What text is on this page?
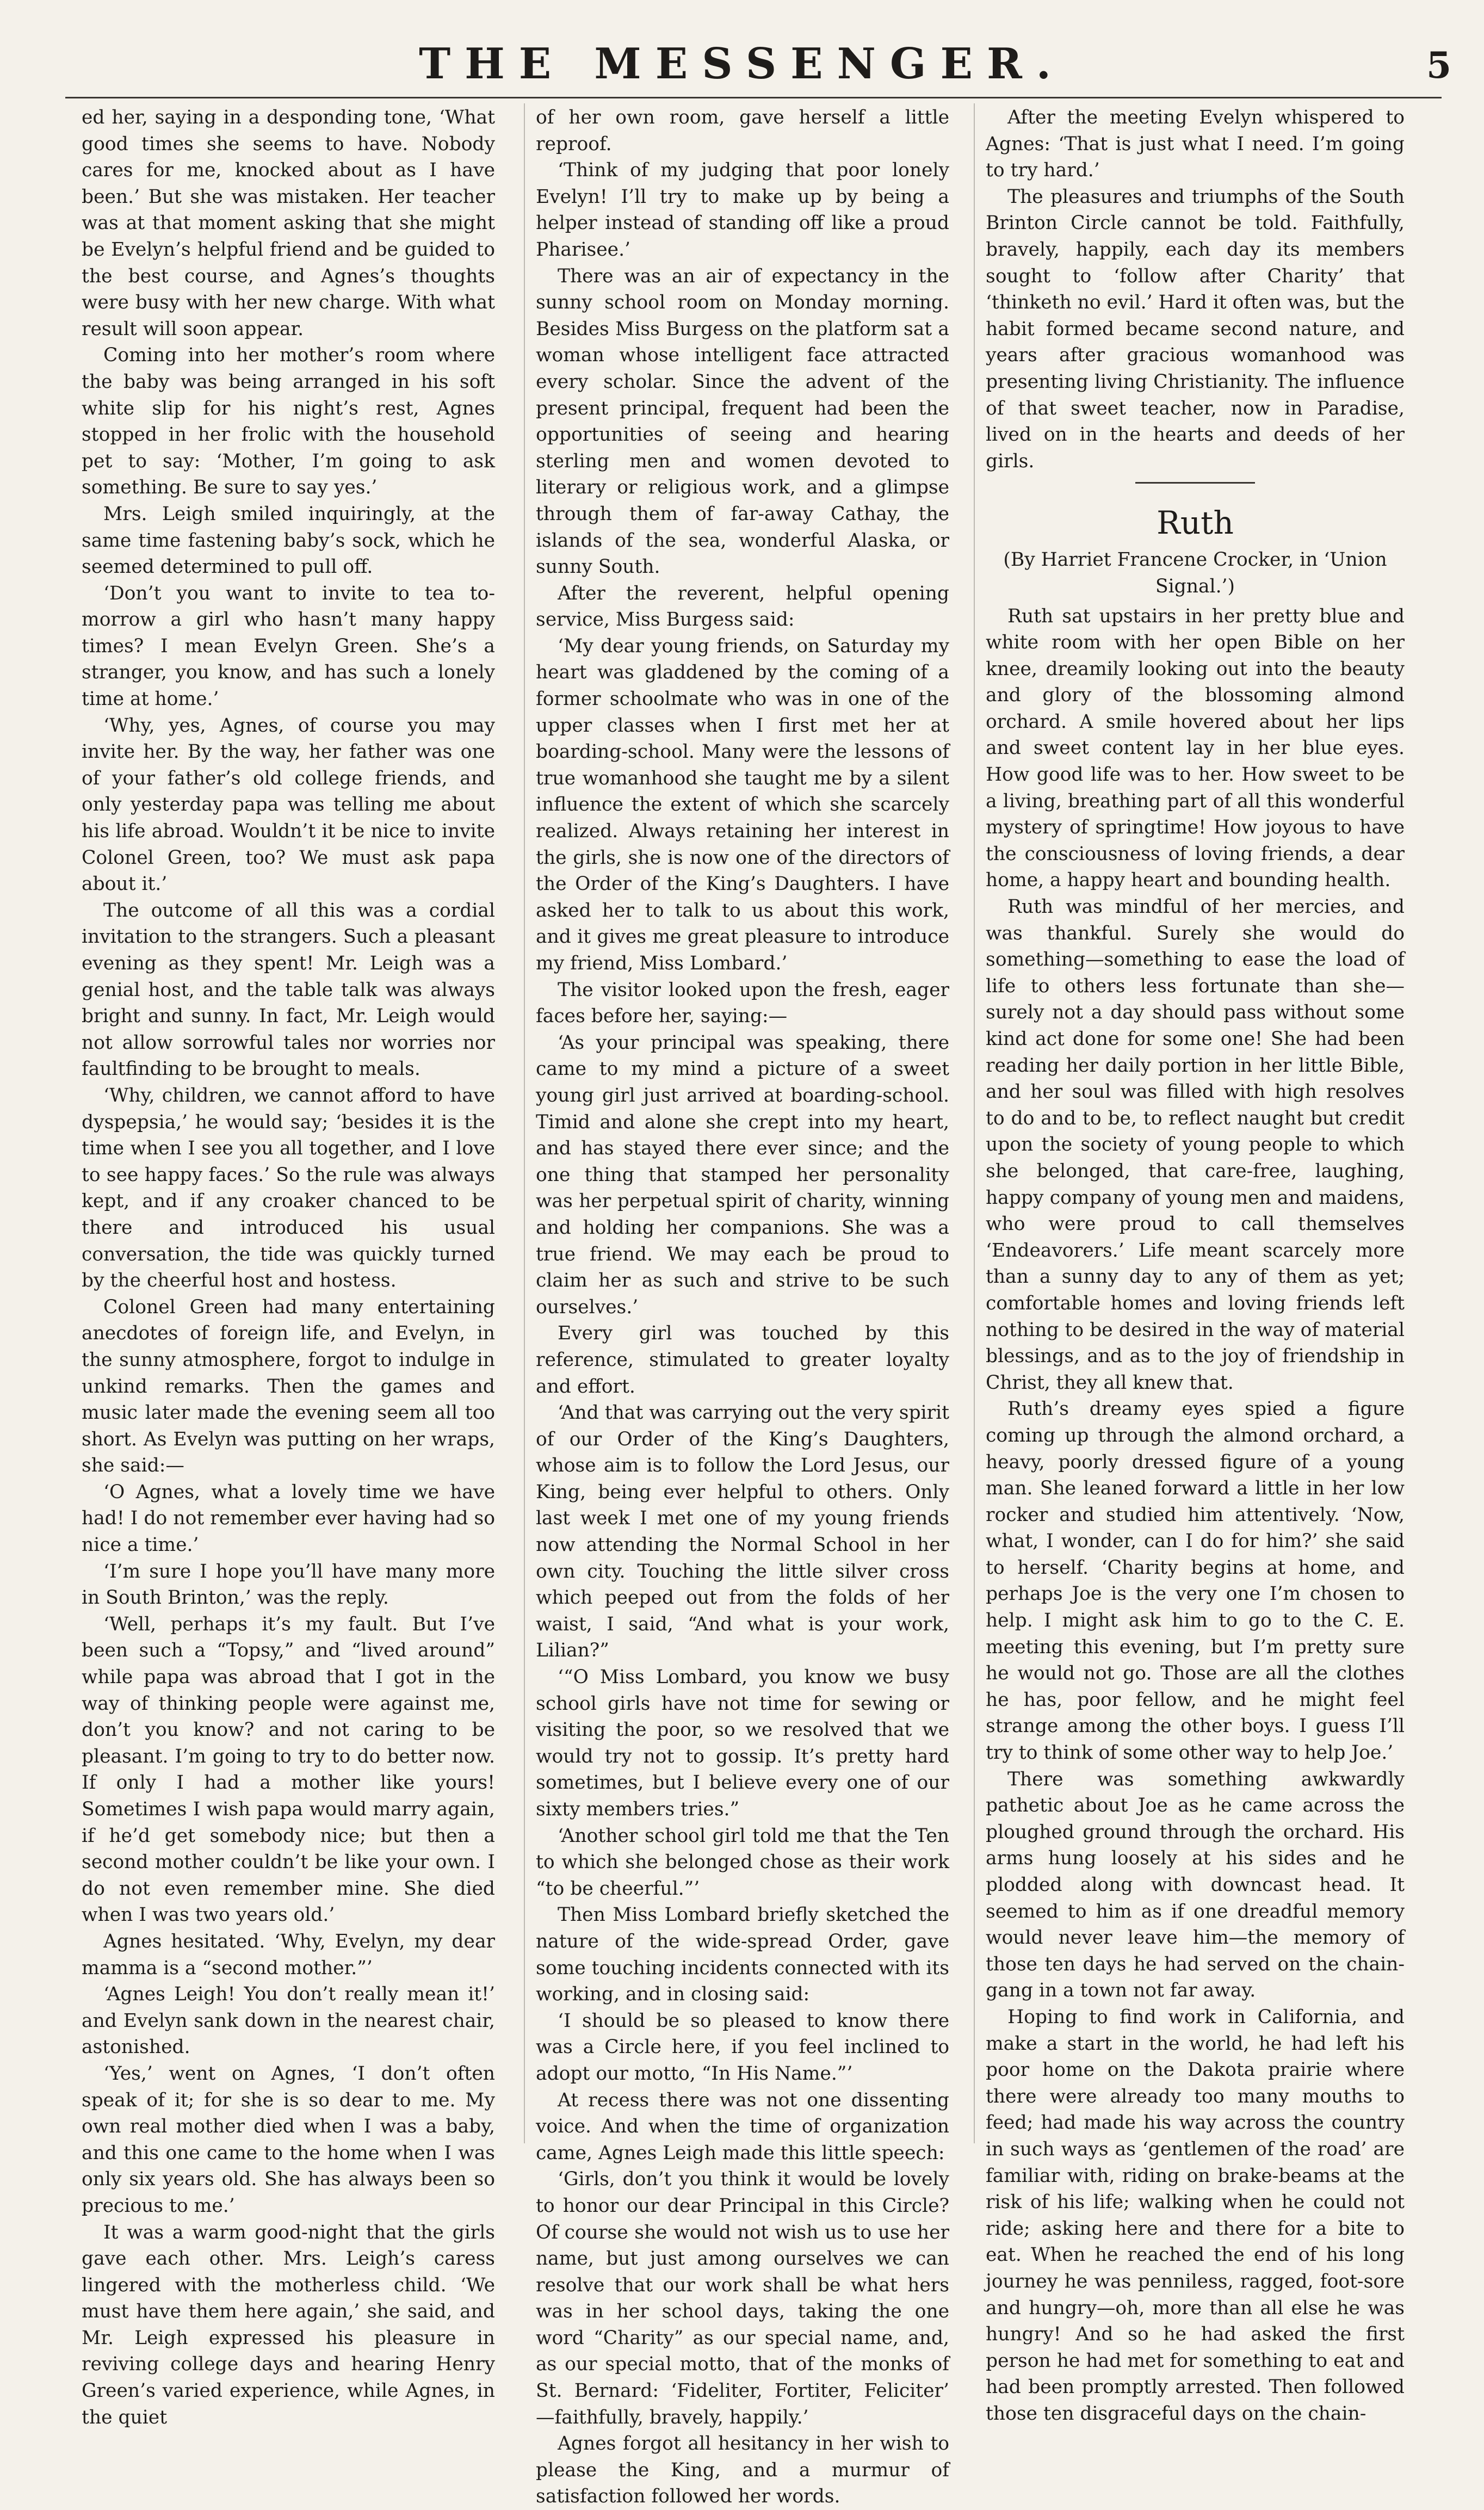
THE MESSENGER.	5

ed her, saying in a desponding tone, ‘What good times she seems to have. Nobody cares for me, knocked about as I have been.’ But she was mistaken. Her teacher was at that moment asking that she might be Evelyn’s helpful friend and be guided to the best course, and Agnes’s thoughts were busy with her new charge. With what result will soon appear.

Coming into her mother’s room where the baby was being arranged in his soft white slip for his night’s rest, Agnes stopped in her frolic with the household pet to say: ‘Mother, I’m going to ask something. Be sure to say yes.’

Mrs. Leigh smiled inquiringly, at the same time fastening baby’s sock, which he seemed determined to pull off.

‘Don’t you want to invite to tea to-morrow a girl who hasn’t many happy times? I mean Evelyn Green. She’s a stranger, you know, and has such a lonely time at home.’

‘Why, yes, Agnes, of course you may invite her. By the way, her father was one of your father’s old college friends, and only yesterday papa was telling me about his life abroad. Wouldn’t it be nice to invite Colonel Green, too? We must ask papa about it.’

The outcome of all this was a cordial invitation to the strangers. Such a pleasant evening as they spent! Mr. Leigh was a genial host, and the table talk was always bright and sunny. In fact, Mr. Leigh would not allow sorrowful tales nor worries nor faultfinding to be brought to meals.

‘Why, children, we cannot afford to have dyspepsia,’ he would say; ‘besides it is the time when I see you all together, and I love to see happy faces.’ So the rule was always kept, and if any croaker chanced to be there and introduced his usual conversation, the tide was quickly turned by the cheerful host and hostess.

Colonel Green had many entertaining anecdotes of foreign life, and Evelyn, in the sunny atmosphere, forgot to indulge in unkind remarks. Then the games and music later made the evening seem all too short. As Evelyn was putting on her wraps, she said:—

‘O Agnes, what a lovely time we have had! I do not remember ever having had so nice a time.’

‘I’m sure I hope you’ll have many more in South Brinton,’ was the reply.

‘Well, perhaps it’s my fault. But I’ve been such a “Topsy,” and “lived around” while papa was abroad that I got in the way of thinking people were against me, don’t you know? and not caring to be pleasant. I’m going to try to do better now. If only I had a mother like yours! Sometimes I wish papa would marry again, if he’d get somebody nice; but then a second mother couldn’t be like your own. I do not even remember mine. She died when I was two years old.’

Agnes hesitated. ‘Why, Evelyn, my dear mamma is a “second mother.”’

‘Agnes Leigh! You don’t really mean it!’ and Evelyn sank down in the nearest chair, astonished.

‘Yes,’ went on Agnes, ‘I don’t often speak of it; for she is so dear to me. My own real mother died when I was a baby, and this one came to the home when I was only six years old. She has always been so precious to me.’

It was a warm good-night that the girls gave each other. Mrs. Leigh’s caress lingered with the motherless child. ‘We must have them here again,’ she said, and Mr. Leigh expressed his pleasure in reviving college days and hearing Henry Green’s varied experience, while Agnes, in the quiet

of her own room, gave herself a little reproof.

‘Think of my judging that poor lonely Evelyn! I’ll try to make up by being a helper instead of standing off like a proud Pharisee.’

There was an air of expectancy in the sunny school room on Monday morning. Besides Miss Burgess on the platform sat a woman whose intelligent face attracted every scholar. Since the advent of the present principal, frequent had been the opportunities of seeing and hearing sterling men and women devoted to literary or religious work, and a glimpse through them of far-away Cathay, the islands of the sea, wonderful Alaska, or sunny South.

After the reverent, helpful opening service, Miss Burgess said:

‘My dear young friends, on Saturday my heart was gladdened by the coming of a former schoolmate who was in one of the upper classes when I first met her at boarding-school. Many were the lessons of true womanhood she taught me by a silent influence the extent of which she scarcely realized. Always retaining her interest in the girls, she is now one of the directors of the Order of the King’s Daughters. I have asked her to talk to us about this work, and it gives me great pleasure to introduce my friend, Miss Lombard.’

The visitor looked upon the fresh, eager faces before her, saying:—

‘As your principal was speaking, there came to my mind a picture of a sweet young girl just arrived at boarding-school. Timid and alone she crept into my heart, and has stayed there ever since; and the one thing that stamped her personality was her perpetual spirit of charity, winning and holding her companions. She was a true friend. We may each be proud to claim her as such and strive to be such ourselves.’

Every girl was touched by this reference, stimulated to greater loyalty and effort.

‘And that was carrying out the very spirit of our Order of the King’s Daughters, whose aim is to follow the Lord Jesus, our King, being ever helpful to others. Only last week I met one of my young friends now attending the Normal School in her own city. Touching the little silver cross which peeped out from the folds of her waist, I said, “And what is your work, Lilian?”

‘“O Miss Lombard, you know we busy school girls have not time for sewing or visiting the poor, so we resolved that we would try not to gossip. It’s pretty hard sometimes, but I believe every one of our sixty members tries.”

‘Another school girl told me that the Ten to which she belonged chose as their work “to be cheerful.”’

Then Miss Lombard briefly sketched the nature of the wide-spread Order, gave some touching incidents connected with its working, and in closing said:

‘I should be so pleased to know there was a Circle here, if you feel inclined to adopt our motto, “In His Name.”’

At recess there was not one dissenting voice. And when the time of organization came, Agnes Leigh made this little speech:

‘Girls, don’t you think it would be lovely to honor our dear Principal in this Circle? Of course she would not wish us to use her name, but just among ourselves we can resolve that our work shall be what hers was in her school days, taking the one word “Charity” as our special name, and, as our special motto, that of the monks of St. Bernard: ‘Fideliter, Fortiter, Feliciter’ —faithfully, bravely, happily.’

Agnes forgot all hesitancy in her wish to please the King, and a murmur of satisfaction followed her words.

After the meeting Evelyn whispered to Agnes: ‘That is just what I need. I’m going to try hard.’

The pleasures and triumphs of the South Brinton Circle cannot be told. Faithfully, bravely, happily, each day its members sought to ‘follow after Charity’ that ‘thinketh no evil.’ Hard it often was, but the habit formed became second nature, and years after gracious womanhood was presenting living Christianity. The influence of that sweet teacher, now in Paradise, lived on in the hearts and deeds of her girls.

Ruth

(By Harriet Francene Crocker, in ‘Union Signal.’)

Ruth sat upstairs in her pretty blue and white room with her open Bible on her knee, dreamily looking out into the beauty and glory of the blossoming almond orchard. A smile hovered about her lips and sweet content lay in her blue eyes. How good life was to her. How sweet to be a living, breathing part of all this wonderful mystery of springtime! How joyous to have the consciousness of loving friends, a dear home, a happy heart and bounding health.

Ruth was mindful of her mercies, and was thankful. Surely she would do something—something to ease the load of life to others less fortunate than she—surely not a day should pass without some kind act done for some one! She had been reading her daily portion in her little Bible, and her soul was filled with high resolves to do and to be, to reflect naught but credit upon the society of young people to which she belonged, that care-free, laughing, happy company of young men and maidens, who were proud to call themselves ‘Endeavorers.’ Life meant scarcely more than a sunny day to any of them as yet; comfortable homes and loving friends left nothing to be desired in the way of material blessings, and as to the joy of friendship in Christ, they all knew that.

Ruth’s dreamy eyes spied a figure coming up through the almond orchard, a heavy, poorly dressed figure of a young man. She leaned forward a little in her low rocker and studied him attentively. ‘Now, what, I wonder, can I do for him?’ she said to herself. ‘Charity begins at home, and perhaps Joe is the very one I’m chosen to help. I might ask him to go to the C. E. meeting this evening, but I’m pretty sure he would not go. Those are all the clothes he has, poor fellow, and he might feel strange among the other boys. I guess I’ll try to think of some other way to help Joe.’

There was something awkwardly pathetic about Joe as he came across the ploughed ground through the orchard. His arms hung loosely at his sides and he plodded along with downcast head. It seemed to him as if one dreadful memory would never leave him—the memory of those ten days he had served on the chain-gang in a town not far away.

Hoping to find work in California, and make a start in the world, he had left his poor home on the Dakota prairie where there were already too many mouths to feed; had made his way across the country in such ways as ‘gentlemen of the road’ are familiar with, riding on brake-beams at the risk of his life; walking when he could not ride; asking here and there for a bite to eat. When he reached the end of his long journey he was penniless, ragged, foot-sore and hungry—oh, more than all else he was hungry! And so he had asked the first person he had met for something to eat and had been promptly arrested. Then followed those ten disgraceful days on the chain-
